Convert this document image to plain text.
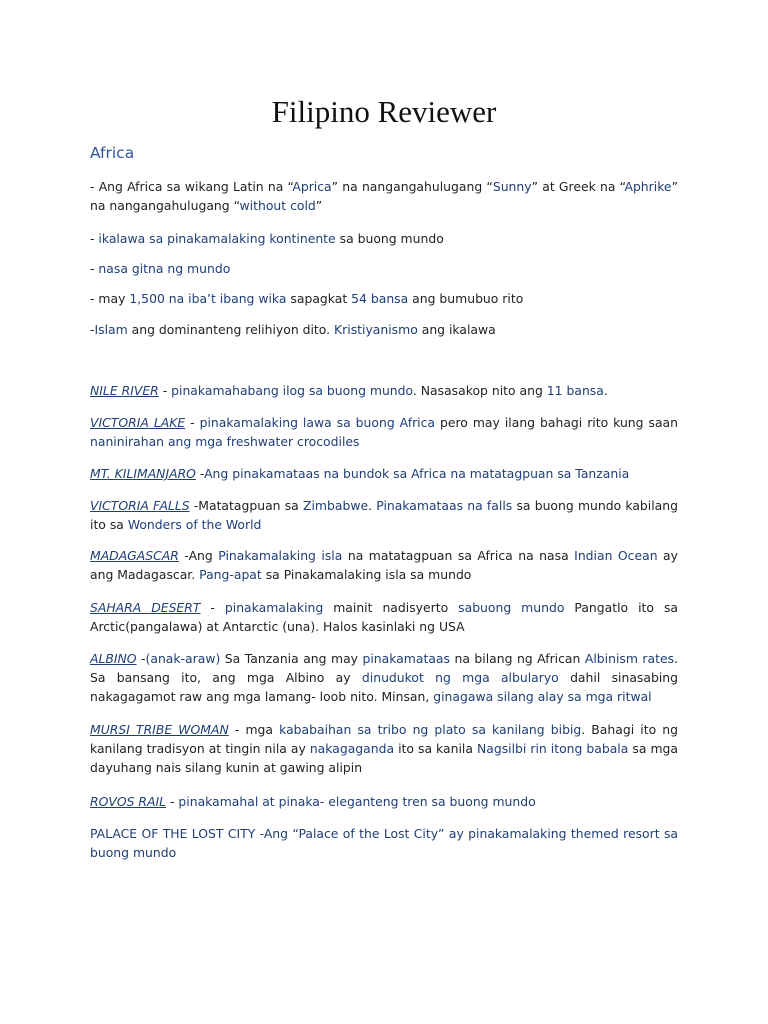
Filipino Reviewer
Africa

- Ang Africa sa wikang Latin na “Aprica” na nangangahulugang “Sunny” at Greek na “Aphrike” na nangangahulugang “without cold”

- ikalawa sa pinakamalaking kontinente sa buong mundo

- nasa gitna ng mundo

- may 1,500 na iba’t ibang wika sapagkat 54 bansa ang bumubuo rito

-Islam ang dominanteng relihiyon dito. Kristiyanismo ang ikalawa

NILE RIVER - pinakamahabang ilog sa buong mundo. Nasasakop nito ang 11 bansa.

VICTORIA LAKE - pinakamalaking lawa sa buong Africa pero may ilang bahagi rito kung saan naninirahan ang mga freshwater crocodiles

MT. KILIMANJARO -Ang pinakamataas na bundok sa Africa na matatagpuan sa Tanzania

VICTORIA FALLS -Matatagpuan sa Zimbabwe. Pinakamataas na falls sa buong mundo kabilang ito sa Wonders of the World

MADAGASCAR -Ang Pinakamalaking isla na matatagpuan sa Africa na nasa Indian Ocean ay ang Madagascar. Pang-apat sa Pinakamalaking isla sa mundo

SAHARA DESERT - pinakamalaking mainit nadisyerto sabuong mundo Pangatlo ito sa Arctic(pangalawa) at Antarctic (una). Halos kasinlaki ng USA

ALBINO -(anak-araw) Sa Tanzania ang may pinakamataas na bilang ng African Albinism rates. Sa bansang ito, ang mga Albino ay dinudukot ng mga albularyo dahil sinasabing nakagagamot raw ang mga lamang- loob nito. Minsan, ginagawa silang alay sa mga ritwal

MURSI TRIBE WOMAN - mga kababaihan sa tribo ng plato sa kanilang bibig. Bahagi ito ng kanilang tradisyon at tingin nila ay nakagaganda ito sa kanila Nagsilbi rin itong babala sa mga dayuhang nais silang kunin at gawing alipin

ROVOS RAIL - pinakamahal at pinaka- eleganteng tren sa buong mundo

PALACE OF THE LOST CITY -Ang “Palace of the Lost City” ay pinakamalaking themed resort sa buong mundo
